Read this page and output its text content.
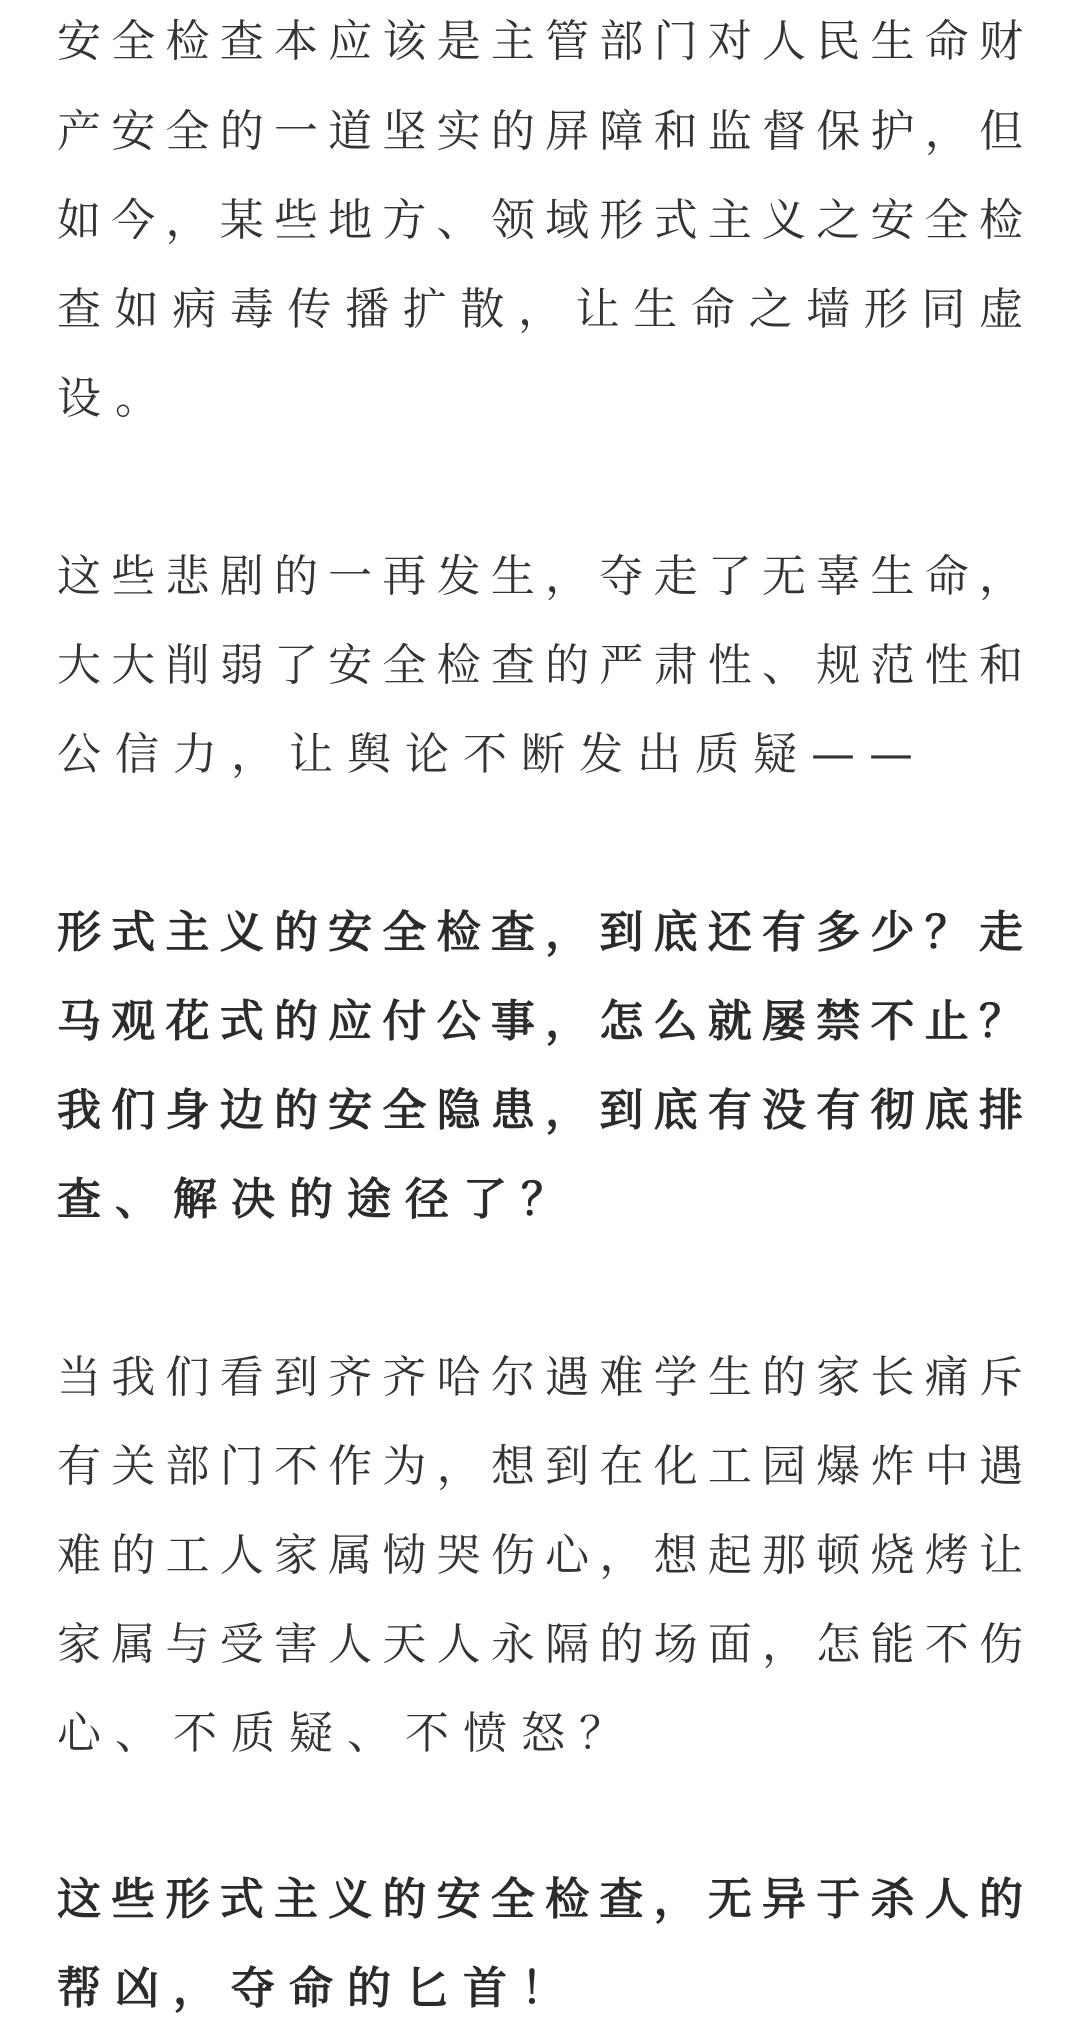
安全检查本应该是主管部门对人民生命财

产安全的一道坚实的屏障和监督保护，但

如今，某些地方、领域形式主义之安全检

查如病毒传播扩散，让生命之墙形同虚

设。

这些悲剧的一再发生，夺走了无辜生命，

大大削弱了安全检查的严肃性、规范性和

公信力，让舆论不断发出质疑——

形式主义的安全检查，到底还有多少？走

马观花式的应付公事，怎么就屡禁不止？

我们身边的安全隐患，到底有没有彻底排

查、解决的途径了？

当我们看到齐齐哈尔遇难学生的家长痛斥

有关部门不作为，想到在化工园爆炸中遇

难的工人家属恸哭伤心，想起那顿烧烤让

家属与受害人天人永隔的场面，怎能不伤

心、不质疑、不愤怒？

这些形式主义的安全检查，无异于杀人的

帮凶，夺命的匕首！
